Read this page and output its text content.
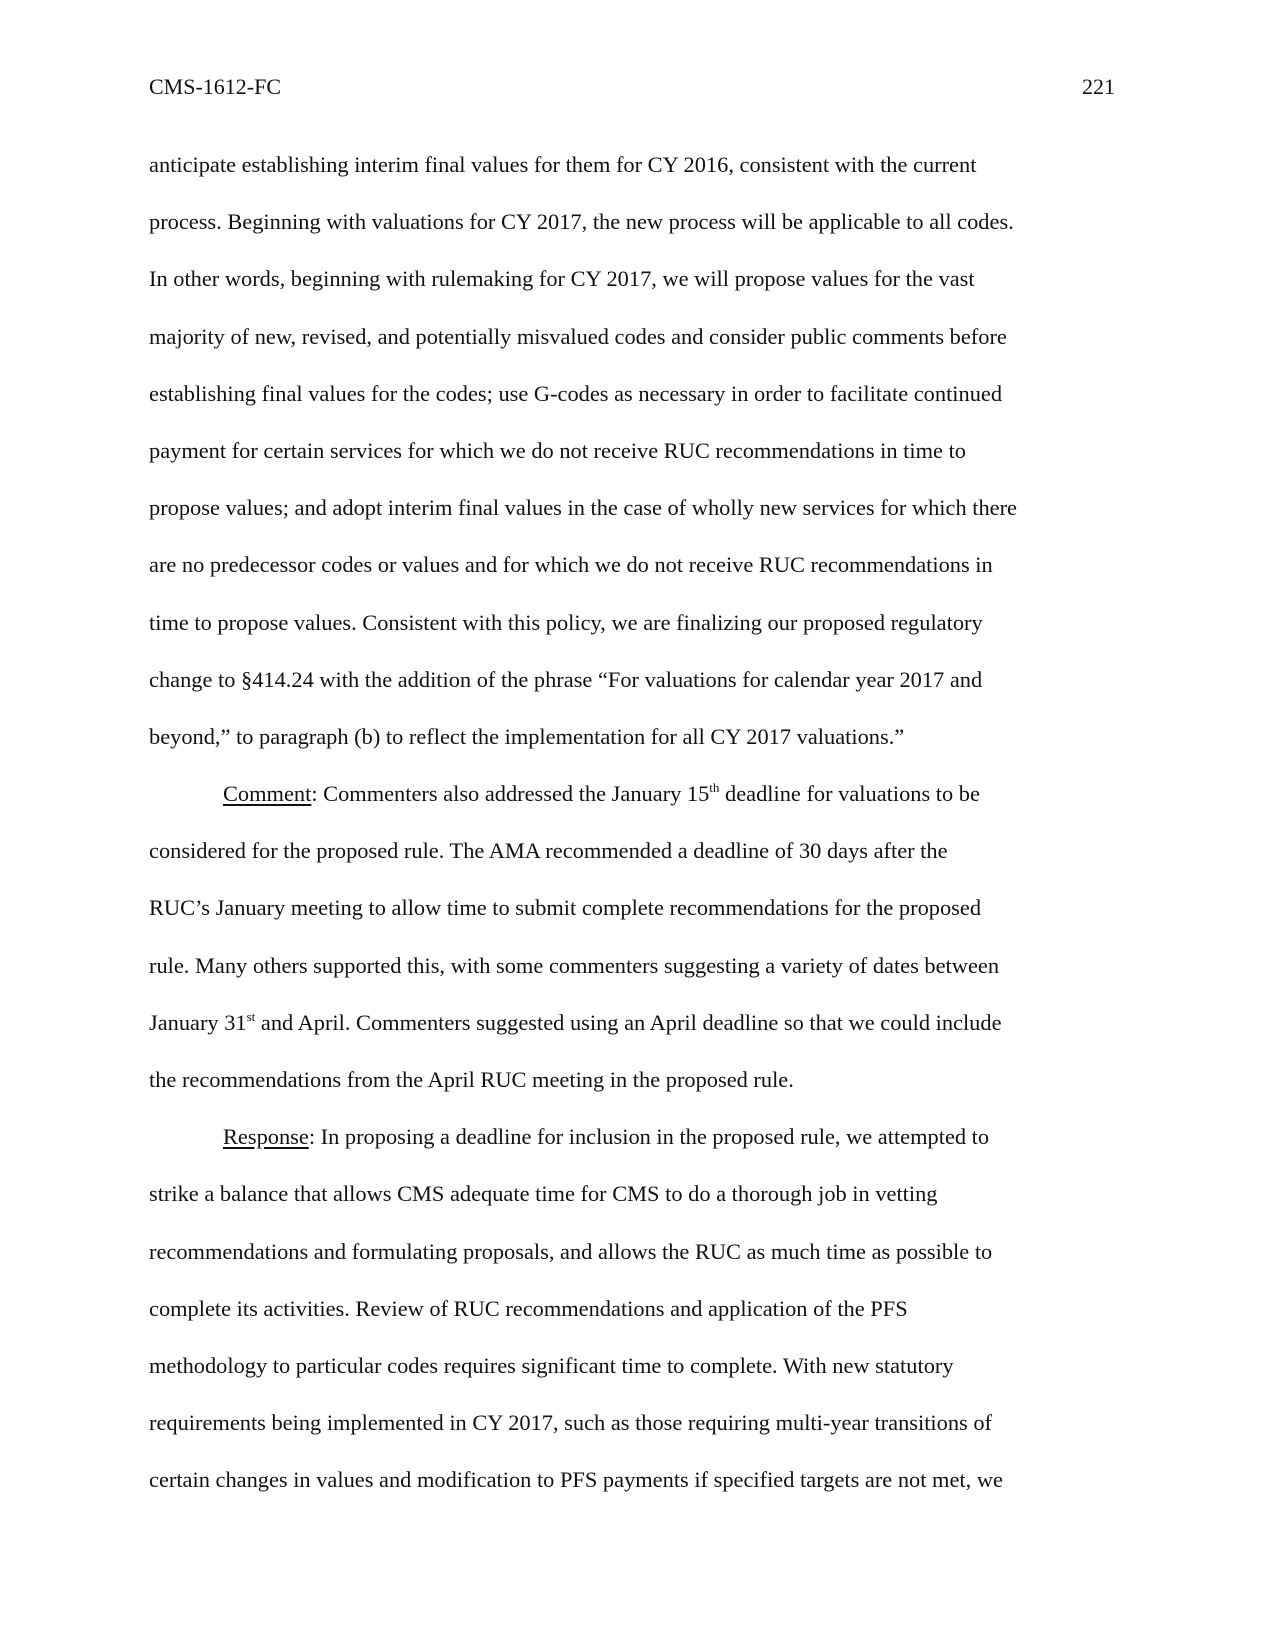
CMS-1612-FC	221
anticipate establishing interim final values for them for CY 2016, consistent with the current
process. Beginning with valuations for CY 2017, the new process will be applicable to all codes.
In other words, beginning with rulemaking for CY 2017, we will propose values for the vast
majority of new, revised, and potentially misvalued codes and consider public comments before
establishing final values for the codes; use G-codes as necessary in order to facilitate continued
payment for certain services for which we do not receive RUC recommendations in time to
propose values; and adopt interim final values in the case of wholly new services for which there
are no predecessor codes or values and for which we do not receive RUC recommendations in
time to propose values. Consistent with this policy, we are finalizing our proposed regulatory
change to §414.24 with the addition of the phrase “For valuations for calendar year 2017 and
beyond,” to paragraph (b) to reflect the implementation for all CY 2017 valuations.”
Comment: Commenters also addressed the January 15th deadline for valuations to be
considered for the proposed rule. The AMA recommended a deadline of 30 days after the
RUC’s January meeting to allow time to submit complete recommendations for the proposed
rule. Many others supported this, with some commenters suggesting a variety of dates between
January 31st and April. Commenters suggested using an April deadline so that we could include
the recommendations from the April RUC meeting in the proposed rule.
Response: In proposing a deadline for inclusion in the proposed rule, we attempted to
strike a balance that allows CMS adequate time for CMS to do a thorough job in vetting
recommendations and formulating proposals, and allows the RUC as much time as possible to
complete its activities. Review of RUC recommendations and application of the PFS
methodology to particular codes requires significant time to complete. With new statutory
requirements being implemented in CY 2017, such as those requiring multi-year transitions of
certain changes in values and modification to PFS payments if specified targets are not met, we
